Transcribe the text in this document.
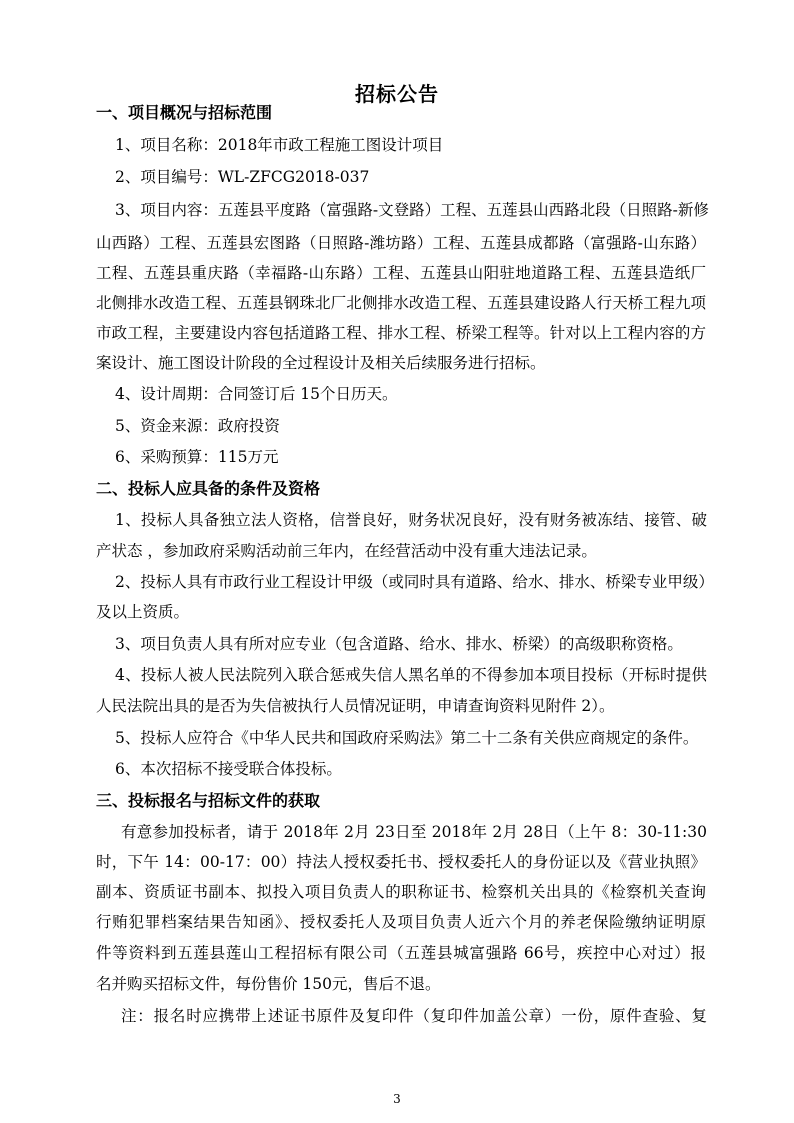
招标公告
一、项目概况与招标范围
1、项目名称：2018年市政工程施工图设计项目
2、项目编号：WL-ZFCG2018-037
3、项目内容：五莲县平度路（富强路-文登路）工程、五莲县山西路北段（日照路-新修
山西路）工程、五莲县宏图路（日照路-潍坊路）工程、五莲县成都路（富强路-山东路）
工程、五莲县重庆路（幸福路-山东路）工程、五莲县山阳驻地道路工程、五莲县造纸厂
北侧排水改造工程、五莲县钢珠北厂北侧排水改造工程、五莲县建设路人行天桥工程九项
市政工程，主要建设内容包括道路工程、排水工程、桥梁工程等。针对以上工程内容的方
案设计、施工图设计阶段的全过程设计及相关后续服务进行招标。
4、设计周期：合同签订后 15个日历天。
5、资金来源：政府投资
6、采购预算：115万元
二、投标人应具备的条件及资格
1、投标人具备独立法人资格，信誉良好，财务状况良好，没有财务被冻结、接管、破
产状态 ，参加政府采购活动前三年内，在经营活动中没有重大违法记录。
2、投标人具有市政行业工程设计甲级（或同时具有道路、给水、排水、桥梁专业甲级）
及以上资质。
3、项目负责人具有所对应专业（包含道路、给水、排水、桥梁）的高级职称资格。
4、投标人被人民法院列入联合惩戒失信人黑名单的不得参加本项目投标（开标时提供
人民法院出具的是否为失信被执行人员情况证明，申请查询资料见附件 2）。
5、投标人应符合《中华人民共和国政府采购法》第二十二条有关供应商规定的条件。
6、本次招标不接受联合体投标。
三、投标报名与招标文件的获取
有意参加投标者，请于 2018年 2月 23日至 2018年 2月 28日（上午 8：30-11:30
时，下午 14：00-17：00）持法人授权委托书、授权委托人的身份证以及《营业执照》
副本、资质证书副本、拟投入项目负责人的职称证书、检察机关出具的《检察机关查询
行贿犯罪档案结果告知函》、授权委托人及项目负责人近六个月的养老保险缴纳证明原
件等资料到五莲县莲山工程招标有限公司（五莲县城富强路 66号，疾控中心对过）报
名并购买招标文件，每份售价 150元，售后不退。
注：报名时应携带上述证书原件及复印件（复印件加盖公章）一份，原件查验、复
3
